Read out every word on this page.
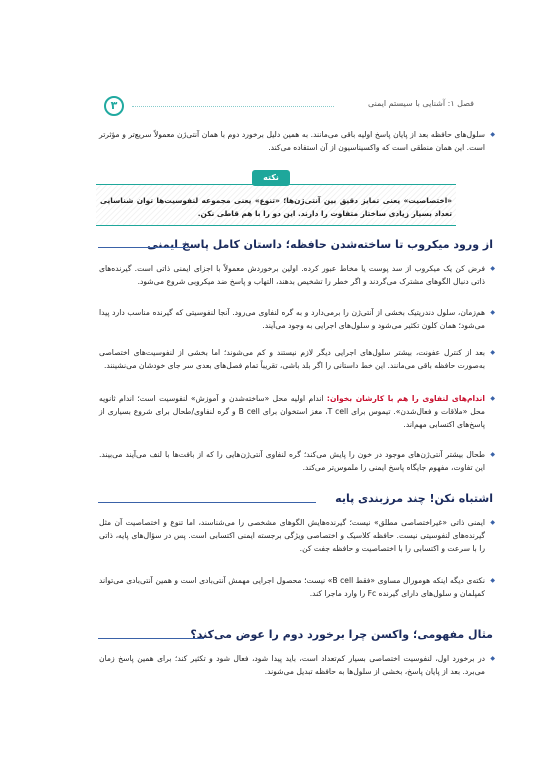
۳	فصل ۱: آشنایی با سیستم ایمنی
◆ سلول‌های حافظه بعد از پایان پاسخ اولیه باقی می‌مانند. به همین دلیل برخورد دوم با همان آنتی‌ژن معمولاً سریع‌تر و مؤثرتر است. این همان منطقی است که واکسیناسیون از آن استفاده می‌کند.
نکته
«اختصاصیت» یعنی تمایز دقیق بین آنتی‌ژن‌ها؛ «تنوع» یعنی مجموعه لنفوسیت‌ها توان شناسایی تعداد بسیار زیادی ساختار متفاوت را دارند. این دو را با هم قاطی نکن.
از ورود میکروب تا ساخته‌شدن حافظه؛ داستان کامل پاسخ ایمنی
◆ فرض کن یک میکروب از سد پوست یا مخاط عبور کرده. اولین برخوردش معمولاً با اجزای ایمنی ذاتی است. گیرنده‌های ذاتی دنبال الگوهای مشترک می‌گردند و اگر خطر را تشخیص بدهند، التهاب و پاسخ ضد میکروبی شروع می‌شود.
◆ هم‌زمان، سلول دندریتیک بخشی از آنتی‌ژن را برمی‌دارد و به گره لنفاوی می‌رود. آنجا لنفوسیتی که گیرنده مناسب دارد پیدا می‌شود؛ همان کلون تکثیر می‌شود و سلول‌های اجرایی به وجود می‌آیند.
◆ بعد از کنترل عفونت، بیشتر سلول‌های اجرایی دیگر لازم نیستند و کم می‌شوند؛ اما بخشی از لنفوسیت‌های اختصاصی به‌صورت حافظه باقی می‌مانند. این خط داستانی را اگر بلد باشی، تقریباً تمام فصل‌های بعدی سر جای خودشان می‌نشینند.
◆ اندام‌های لنفاوی را هم با کارشان بخوان: اندام اولیه محل «ساخته‌شدن و آموزش» لنفوسیت است؛ اندام ثانویه محل «ملاقات و فعال‌شدن». تیموس برای T cell، مغز استخوان برای B cell و گره لنفاوی/طحال برای شروع بسیاری از پاسخ‌های اکتسابی مهم‌اند.
◆ طحال بیشتر آنتی‌ژن‌های موجود در خون را پایش می‌کند؛ گره لنفاوی آنتی‌ژن‌هایی را که از بافت‌ها با لنف می‌آیند می‌بیند. این تفاوت، مفهوم جایگاه پاسخ ایمنی را ملموس‌تر می‌کند.
اشتباه نکن! چند مرزبندی پایه
◆ ایمنی ذاتی «غیراختصاصی مطلق» نیست؛ گیرنده‌هایش الگوهای مشخصی را می‌شناسند، اما تنوع و اختصاصیت آن مثل گیرنده‌های لنفوسیتی نیست. حافظه کلاسیک و اختصاصی ویژگی برجسته ایمنی اکتسابی است. پس در سؤال‌های پایه، ذاتی را با سرعت و اکتسابی را با اختصاصیت و حافظه جفت کن.
◆ نکته‌ی دیگه اینکه هومورال مساوی «فقط B cell» نیست؛ محصول اجرایی مهمش آنتی‌بادی است و همین آنتی‌بادی می‌تواند کمپلمان و سلول‌های دارای گیرنده Fc را وارد ماجرا کند.
مثال مفهومی؛ واکسن چرا برخورد دوم را عوض می‌کند؟
◆ در برخورد اول، لنفوسیت اختصاصی بسیار کم‌تعداد است، باید پیدا شود، فعال شود و تکثیر کند؛ برای همین پاسخ زمان می‌برد. بعد از پایان پاسخ، بخشی از سلول‌ها به حافظه تبدیل می‌شوند.
